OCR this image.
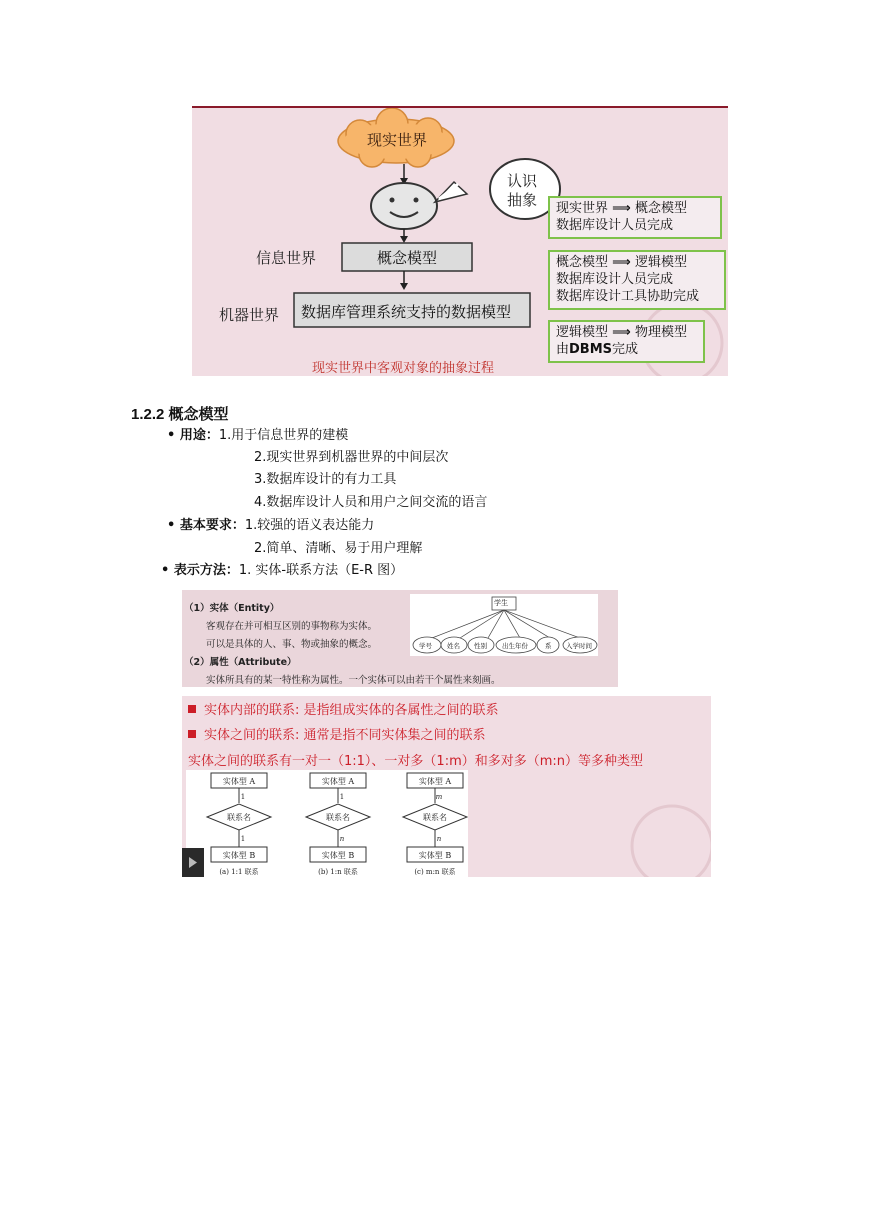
现实世界
认识
抽象
信息世界
机器世界
概念模型
数据库管理系统支持的数据模型
现实世界中客观对象的抽象过程
现实世界 ⟹ 概念模型
数据库设计人员完成
概念模型 ⟹ 逻辑模型
数据库设计人员完成
数据库设计工具协助完成
逻辑模型 ⟹ 物理模型
由DBMS完成
1.2.2 概念模型
• 用途：1.用于信息世界的建模
2.现实世界到机器世界的中间层次
3.数据库设计的有力工具
4.数据库设计人员和用户之间交流的语言
• 基本要求：1.较强的语义表达能力
2.简单、清晰、易于用户理解
• 表示方法：1. 实体-联系方法（E-R 图）
（1）实体（Entity）
客观存在并可相互区别的事物称为实体。
可以是具体的人、事、物或抽象的概念。
（2）属性（Attribute）
实体所具有的某一特性称为属性。一个实体可以由若干个属性来刻画。
学生
学号 姓名 性别 出生年份	系 入学时间
实体内部的联系: 是指组成实体的各属性之间的联系
实体之间的联系: 通常是指不同实体集之间的联系
实体之间的联系有一对一（1:1）、一对多（1:m）和多对多（m:n）等多种类型
实体型 A
1
联系名
1
实体型 B
(a) 1:1 联系
实体型 A
1
联系名
n
实体型 B
(b) 1:n 联系
实体型 A
m
联系名
n
实体型 B
(c) m:n 联系
